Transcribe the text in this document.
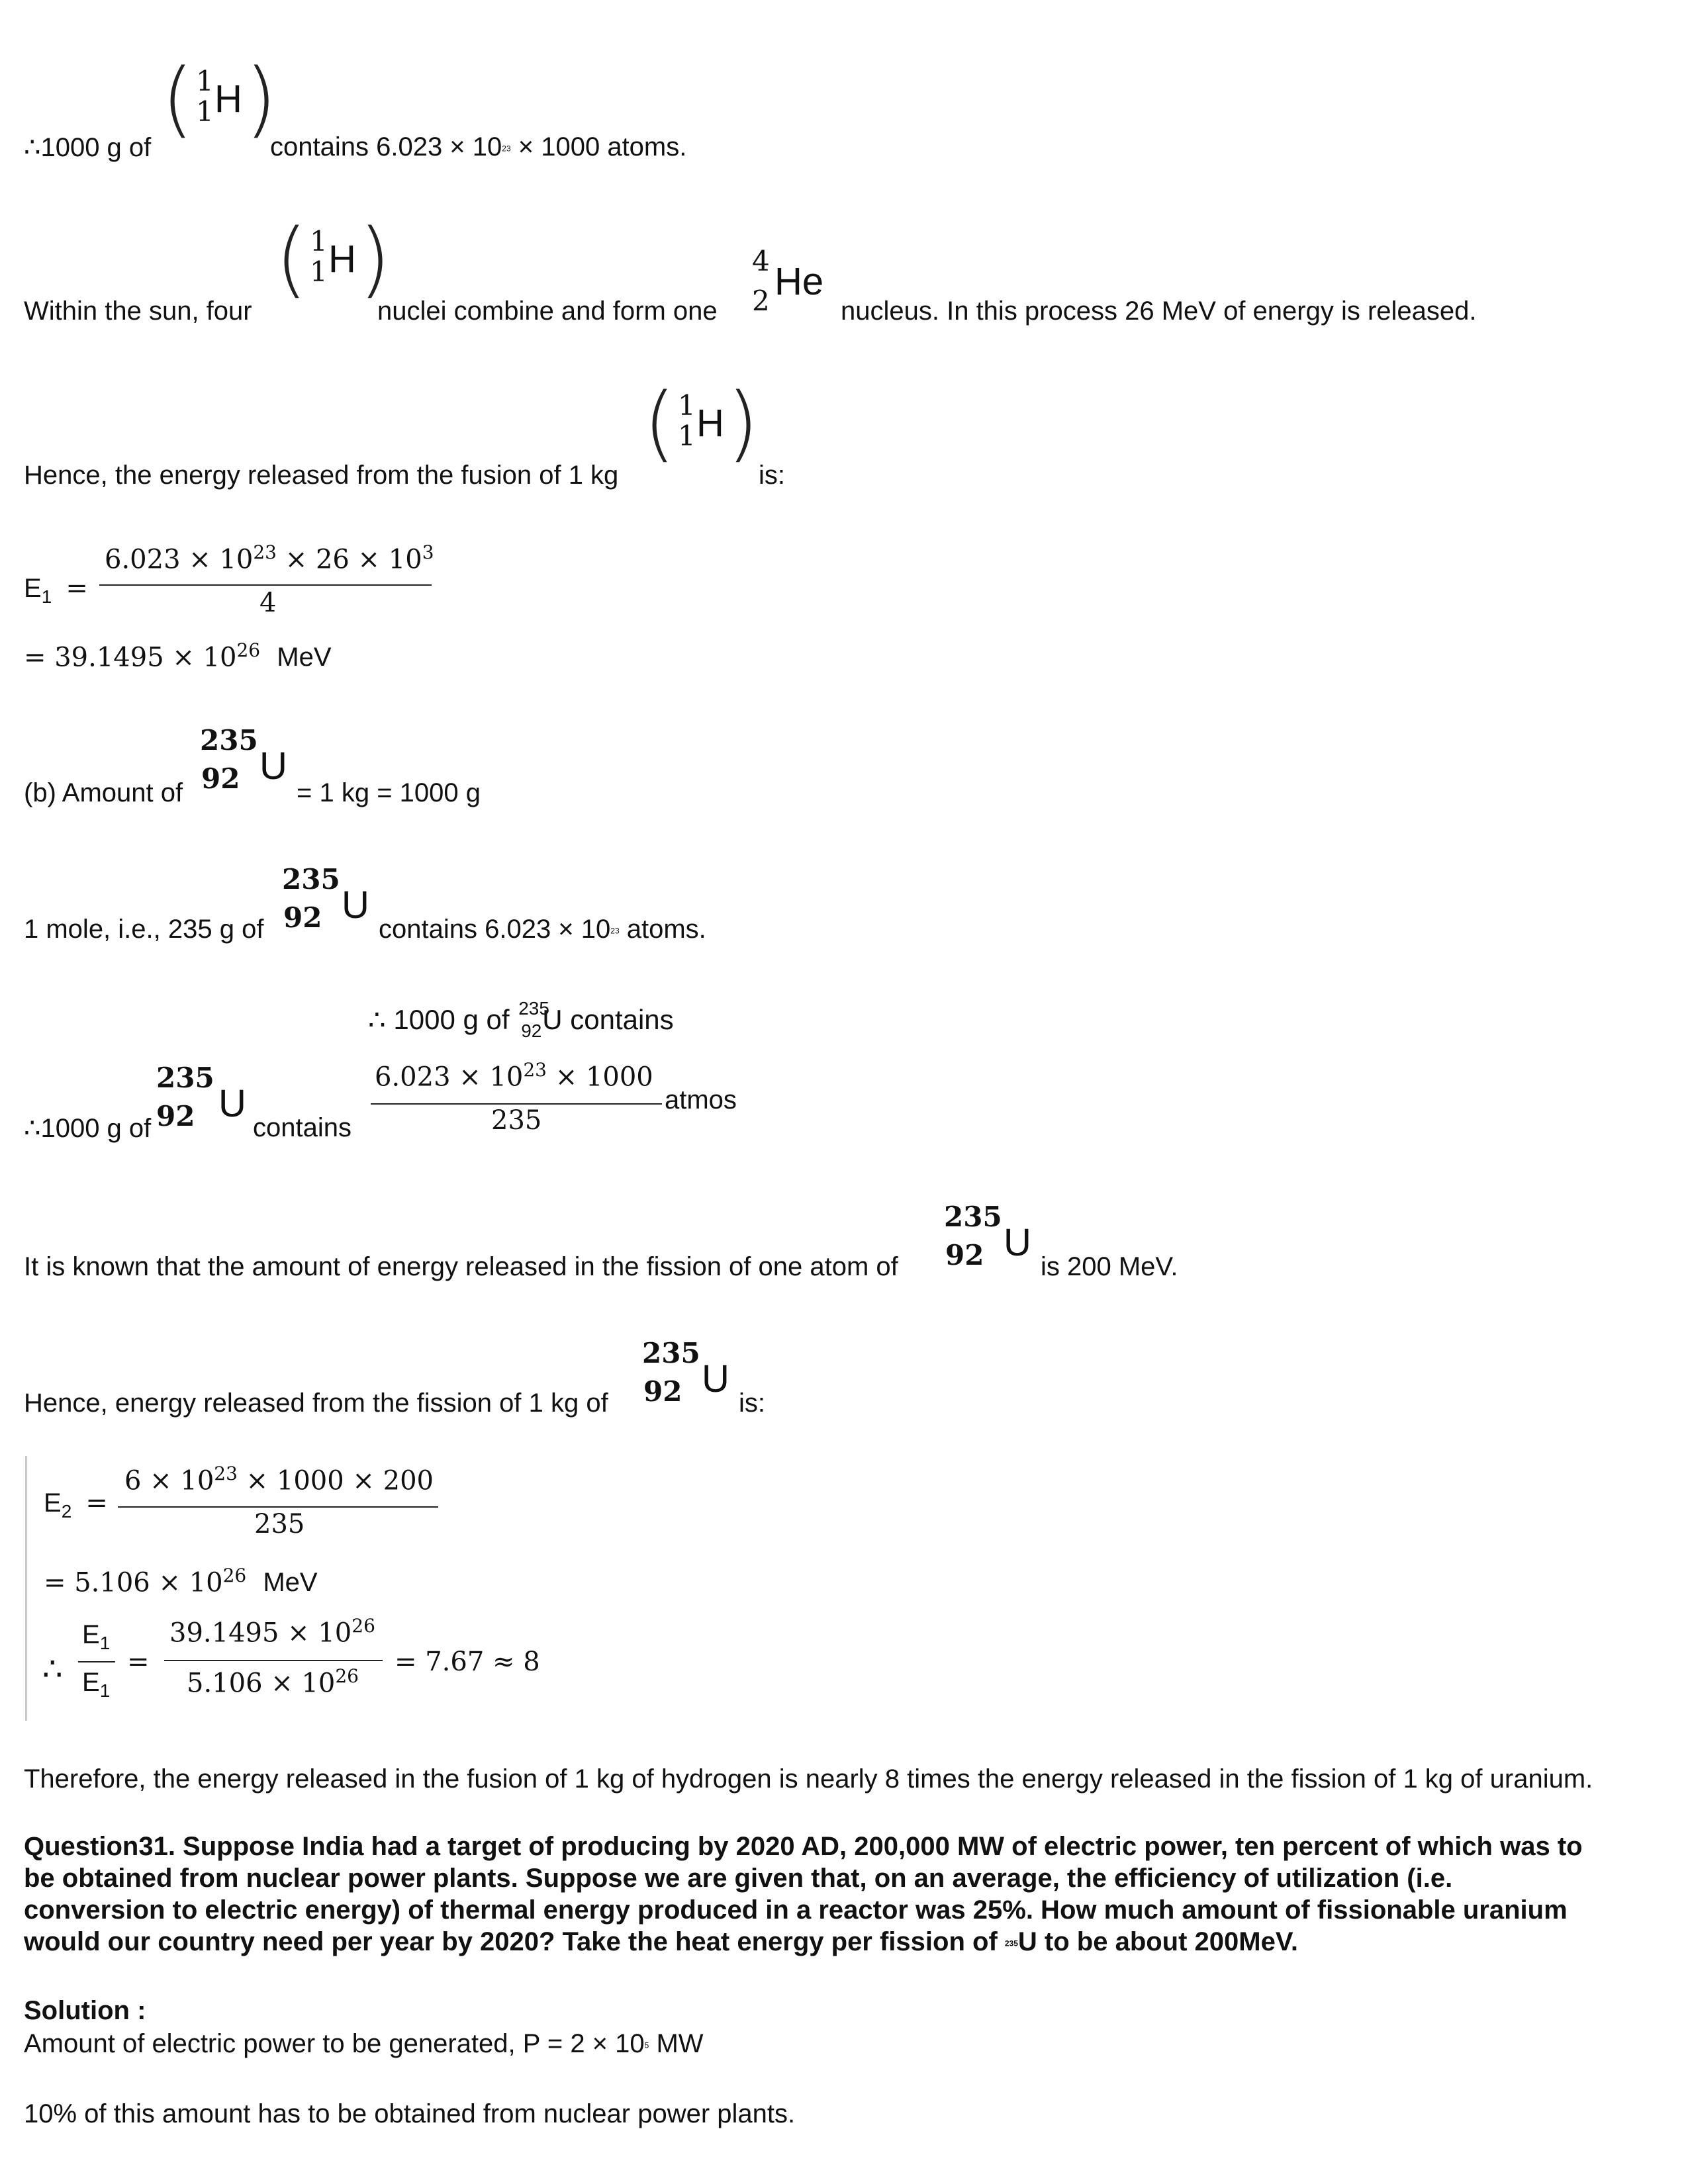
∴1000 g of
( 1
1 H )
contains 6.023 × 1023 × 1000 atoms.
Within the sun, four
( 1
1 H )
nuclei combine and form one
4
2 He
nucleus. In this process 26 MeV of energy is released.
Hence, the energy released from the fusion of 1 kg
( 1
1 H )
is:
$E_1$ =
$6.023 \times 10^{23} \times 26 \times 10^3$
4
= $39.1495 \times 10^{26}$ MeV
(b) Amount of
235
92 U
= 1 kg = 1000 g
1 mole, i.e., 235 g of
235
92 U
contains 6.023 × 1023 atoms.
∴ 1000 g of 235
92 U contains
∴1000 g of
235
92 U
contains
$6.023 \times 10^{23} \times 1000$
235
atmos
It is known that the amount of energy released in the fission of one atom of
235
92 U
is 200 MeV.
Hence, energy released from the fission of 1 kg of
235
92 U
is:
$E_2$ =
$6 \times 10^{23} \times 1000 \times 200$
235
= $5.106 \times 10^{26}$ MeV
∴
$E_1$
$E_1$
=
$39.1495 \times 10^{26}$
$5.106 \times 10^{26} = 7.67 \approx 8$
Therefore, the energy released in the fusion of 1 kg of hydrogen is nearly 8 times the energy released in the fission of 1 kg of uranium.
Question31. Suppose India had a target of producing by 2020 AD, 200,000 MW of electric power, ten percent of which was to
be obtained from nuclear power plants. Suppose we are given that, on an average, the efficiency of utilization (i.e.
conversion to electric energy) of thermal energy produced in a reactor was 25%. How much amount of fissionable uranium
would our country need per year by 2020? Take the heat energy per fission of 235U to be about 200MeV.
Solution :
Amount of electric power to be generated, P = 2 × 105 MW
10% of this amount has to be obtained from nuclear power plants.
